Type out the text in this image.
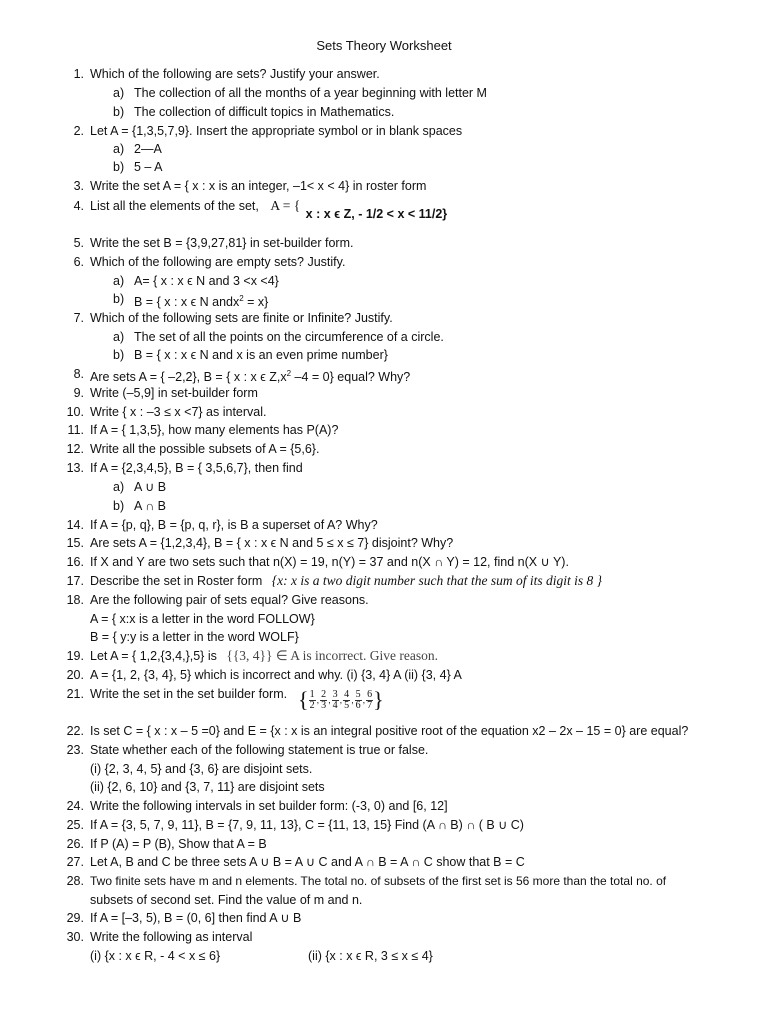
Sets Theory Worksheet
1. Which of the following are sets? Justify your answer.
a) The collection of all the months of a year beginning with letter M
b) The collection of difficult topics in Mathematics.
2. Let A = {1,3,5,7,9}. Insert the appropriate symbol or in blank spaces
a) 2—A
b) 5 – A
3. Write the set A = { x : x is an integer, –1< x < 4} in roster form
4. List all the elements of the set, A = { x : x ϵ Z, - 1/2 < x < 11/2}
5. Write the set B = {3,9,27,81} in set-builder form.
6. Which of the following are empty sets? Justify.
a) A= { x : x ϵ N and 3 <x <4}
b) B = { x : x ϵ N andx$^2$ = x}
7. Which of the following sets are finite or Infinite? Justify.
a) The set of all the points on the circumference of a circle.
b) B = { x : x ϵ N and x is an even prime number}
8. Are sets A = { –2,2}, B = { x : x ϵ $Z,x^2$ –4 = 0} equal? Why?
9. Write (–5,9] in set-builder form
10. Write { x : –3 ≤ x <7} as interval.
11. If A = { 1,3,5}, how many elements has P(A)?
12. Write all the possible subsets of A = {5,6}.
13. If A = {2,3,4,5}, B = { 3,5,6,7}, then find
a) A ∪ B
b) A ∩ B
14. If A = {p, q}, B = {p, q, r}, is B a superset of A? Why?
15. Are sets A = {1,2,3,4}, B = { x : x ϵ N and 5 ≤ x ≤ 7} disjoint? Why?
16. If X and Y are two sets such that n(X) = 19, n(Y) = 37 and n(X ∩ Y) = 12, find n(X ∪ Y).
17. Describe the set in Roster form {x: x is a two digit number such that the sum of its digit is 8 }
18. Are the following pair of sets equal? Give reasons.
A = { x:x is a letter in the word FOLLOW}
B = { y:y is a letter in the word WOLF}
19. Let A = { 1,2,{3,4,},5} is {{3, 4}} ∈ A is incorrect. Give reason.
20. A = {1, 2, {3, 4}, 5} which is incorrect and why. (i) {3, 4} A (ii) {3, 4} A
21. Write the set in the set builder form. { $\frac{1}{2}$ , $\frac{2}{3}$ , $\frac{3}{4}$ , $\frac{4}{5}$ , $\frac{5}{6}$ , $\frac{6}{7}$ }
22. Is set C = { x : x – 5 =0} and E = {x : x is an integral positive root of the equation x2 – 2x – 15 = 0} are equal?
23. State whether each of the following statement is true or false.
(i) {2, 3, 4, 5} and {3, 6} are disjoint sets.
(ii) {2, 6, 10} and {3, 7, 11} are disjoint sets
24. Write the following intervals in set builder form: (-3, 0) and [6, 12]
25. If A = {3, 5, 7, 9, 11}, B = {7, 9, 11, 13}, C = {11, 13, 15} Find (A ∩ B) ∩ ( B ∪ C)
26. If P (A) = P (B), Show that A = B
27. Let A, B and C be three sets A ∪ B = A ∪ C and A ∩ B = A ∩ C show that B = C
28. Two finite sets have m and n elements. The total no. of subsets of the first set is 56 more than the total no. of
subsets of second set. Find the value of m and n.
29. If A = [–3, 5), B = (0, 6] then find A ∪ B
30. Write the following as interval
(i) {x : x ϵ R, - 4 < x ≤ 6}	(ii) {x : x ϵ R, 3 ≤ x ≤ 4}
